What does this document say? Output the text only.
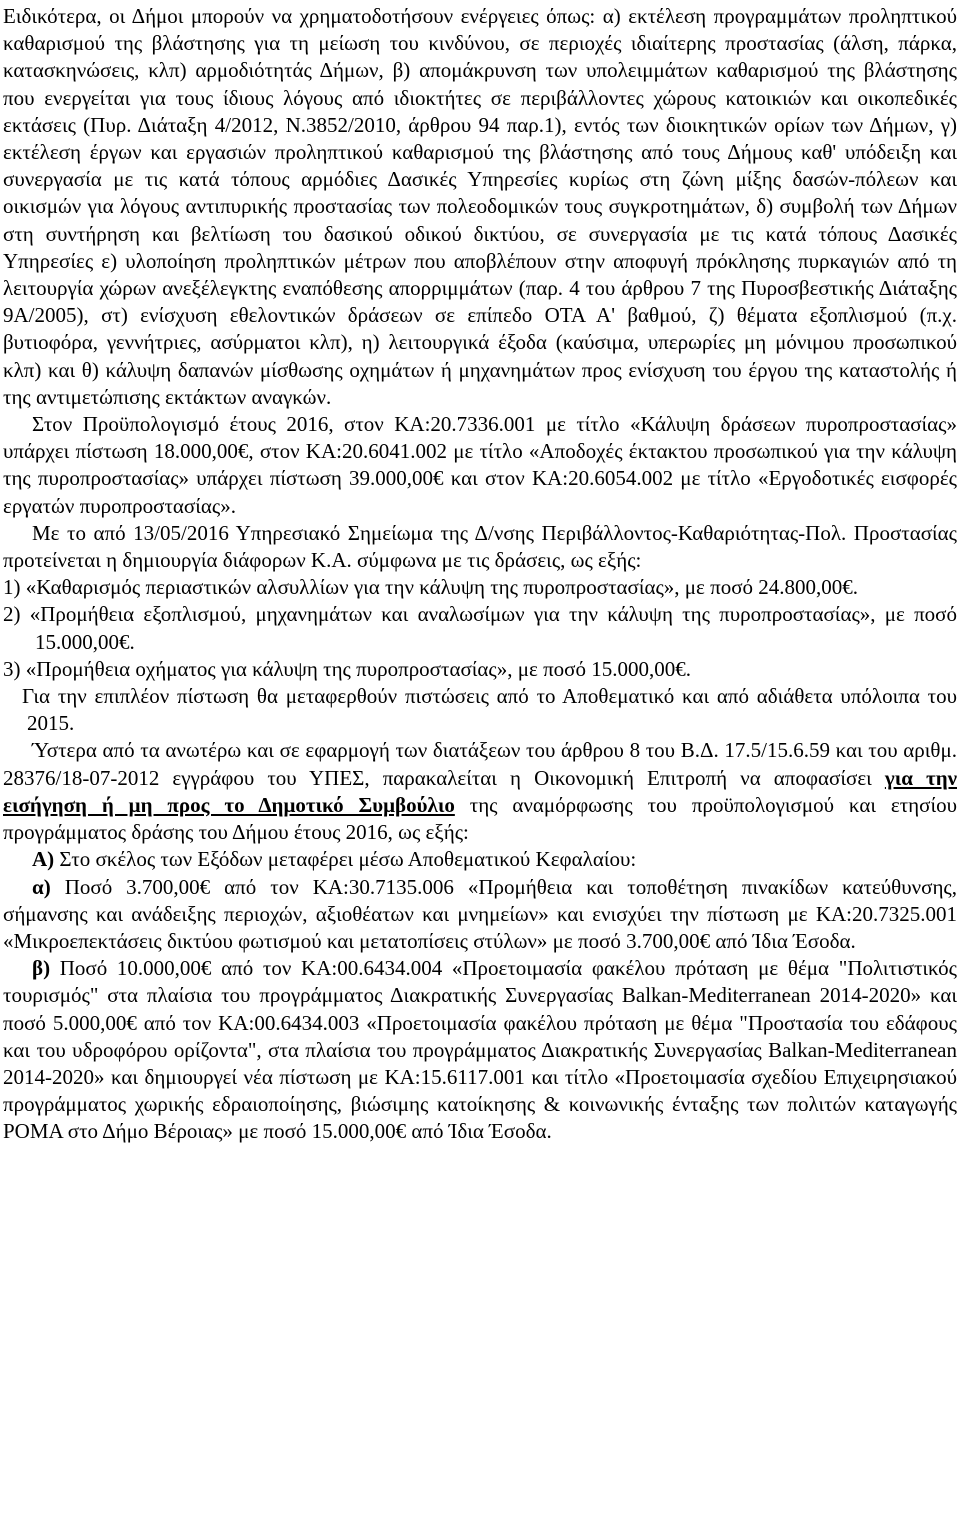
Ειδικότερα, οι Δήμοι μπορούν να χρηματοδοτήσουν ενέργειες όπως: α) εκτέλεση προγραμμάτων προληπτικού καθαρισμού της βλάστησης για τη μείωση του κινδύνου, σε περιοχές ιδιαίτερης προστασίας (άλση, πάρκα, κατασκηνώσεις, κλπ) αρμοδιότητάς Δήμων, β) απομάκρυνση των υπολειμμάτων καθαρισμού της βλάστησης που ενεργείται για τους ίδιους λόγους από ιδιοκτήτες σε περιβάλλοντες χώρους κατοικιών και οικοπεδικές εκτάσεις (Πυρ. Διάταξη 4/2012, Ν.3852/2010, άρθρου 94 παρ.1), εντός των διοικητικών ορίων των Δήμων, γ) εκτέλεση έργων και εργασιών προληπτικού καθαρισμού της βλάστησης από τους Δήμους καθ' υπόδειξη και συνεργασία με τις κατά τόπους αρμόδιες Δασικές Υπηρεσίες κυρίως στη ζώνη μίξης δασών-πόλεων και οικισμών για λόγους αντιπυρικής προστασίας των πολεοδομικών τους συγκροτημάτων, δ) συμβολή των Δήμων στη συντήρηση και βελτίωση του δασικού οδικού δικτύου, σε συνεργασία με τις κατά τόπους Δασικές Υπηρεσίες ε) υλοποίηση προληπτικών μέτρων που αποβλέπουν στην αποφυγή πρόκλησης πυρκαγιών από τη λειτουργία χώρων ανεξέλεγκτης εναπόθεσης απορριμμάτων (παρ. 4 του άρθρου 7 της Πυροσβεστικής Διάταξης 9Α/2005), στ) ενίσχυση εθελοντικών δράσεων σε επίπεδο ΟΤΑ Α' βαθμού, ζ) θέματα εξοπλισμού (π.χ. βυτιοφόρα, γεννήτριες, ασύρματοι κλπ), η) λειτουργικά έξοδα (καύσιμα, υπερωρίες μη μόνιμου προσωπικού κλπ) και θ) κάλυψη δαπανών μίσθωσης οχημάτων ή μηχανημάτων προς ενίσχυση του έργου της καταστολής ή της αντιμετώπισης εκτάκτων αναγκών.

Στον Προϋπολογισμό έτους 2016, στον ΚΑ:20.7336.001 με τίτλο «Κάλυψη δράσεων πυροπροστασίας» υπάρχει πίστωση 18.000,00€, στον ΚΑ:20.6041.002 με τίτλο «Αποδοχές έκτακτου προσωπικού για την κάλυψη της πυροπροστασίας» υπάρχει πίστωση 39.000,00€ και στον ΚΑ:20.6054.002 με τίτλο «Εργοδοτικές εισφορές εργατών πυροπροστασίας».

Με το από 13/05/2016 Υπηρεσιακό Σημείωμα της Δ/νσης Περιβάλλοντος-Καθαριότητας-Πολ. Προστασίας προτείνεται η δημιουργία διάφορων Κ.Α. σύμφωνα με τις δράσεις, ως εξής:

1) «Καθαρισμός περιαστικών αλσυλλίων για την κάλυψη της πυροπροστασίας», με ποσό 24.800,00€.

2) «Προμήθεια εξοπλισμού, μηχανημάτων και αναλωσίμων για την κάλυψη της πυροπροστασίας», με ποσό 15.000,00€.

3) «Προμήθεια οχήματος για κάλυψη της πυροπροστασίας», με ποσό 15.000,00€.

Για την επιπλέον πίστωση θα μεταφερθούν πιστώσεις από το Αποθεματικό και από αδιάθετα υπόλοιπα του 2015.

Ύστερα από τα ανωτέρω και σε εφαρμογή των διατάξεων του άρθρου 8 του Β.Δ. 17.5/15.6.59 και του αριθμ. 28376/18-07-2012 εγγράφου του ΥΠΕΣ, παρακαλείται η Οικονομική Επιτροπή να αποφασίσει για την εισήγηση ή μη προς το Δημοτικό Συμβούλιο της αναμόρφωσης του προϋπολογισμού και ετησίου προγράμματος δράσης του Δήμου έτους 2016, ως εξής:

Α) Στο σκέλος των Εξόδων μεταφέρει μέσω Αποθεματικού Κεφαλαίου:

α) Ποσό 3.700,00€ από τον ΚΑ:30.7135.006 «Προμήθεια και τοποθέτηση πινακίδων κατεύθυνσης, σήμανσης και ανάδειξης περιοχών, αξιοθέατων και μνημείων» και ενισχύει την πίστωση με ΚΑ:20.7325.001 «Μικροεπεκτάσεις δικτύου φωτισμού και μετατοπίσεις στύλων» με ποσό 3.700,00€ από Ίδια Έσοδα.

β) Ποσό 10.000,00€ από τον ΚΑ:00.6434.004 «Προετοιμασία φακέλου πρόταση με θέμα "Πολιτιστικός τουρισμός" στα πλαίσια του προγράμματος Διακρατικής Συνεργασίας Balkan-Mediterranean 2014-2020» και ποσό 5.000,00€ από τον ΚΑ:00.6434.003 «Προετοιμασία φακέλου πρόταση με θέμα "Προστασία του εδάφους και του υδροφόρου ορίζοντα", στα πλαίσια του προγράμματος Διακρατικής Συνεργασίας Balkan-Mediterranean 2014-2020» και δημιουργεί νέα πίστωση με ΚΑ:15.6117.001 και τίτλο «Προετοιμασία σχεδίου Επιχειρησιακού προγράμματος χωρικής εδραιοποίησης, βιώσιμης κατοίκησης & κοινωνικής ένταξης των πολιτών καταγωγής ΡΟΜΑ στο Δήμο Βέροιας» με ποσό 15.000,00€ από Ίδια Έσοδα.
